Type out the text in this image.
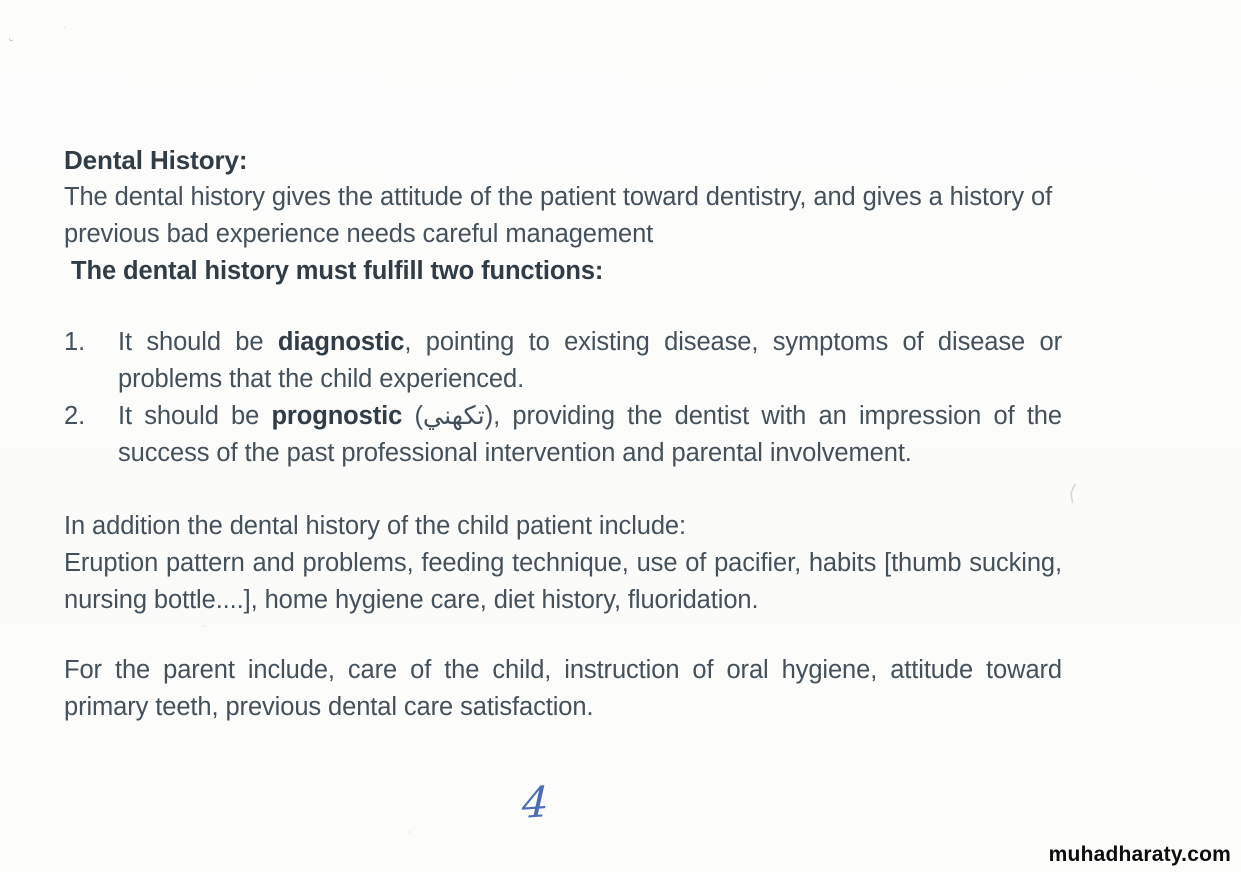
Dental History:

The dental history gives the attitude of the patient toward dentistry, and gives a history of previous bad experience needs careful management

The dental history must fulfill two functions:
1.	It should be diagnostic, pointing to existing disease, symptoms of disease or problems that the child experienced.
2.	It should be prognostic (تكهني), providing the dentist with an impression of the success of the past professional intervention and parental involvement.

In addition the dental history of the child patient include:

Eruption pattern and problems, feeding technique, use of pacifier, habits [thumb sucking, nursing bottle....], home hygiene care, diet history, fluoridation.

For the parent include, care of the child, instruction of oral hygiene, attitude toward primary teeth, previous dental care satisfaction.

4
muhadharaty.com
˘
·
⟨
ˊ
ˏ
